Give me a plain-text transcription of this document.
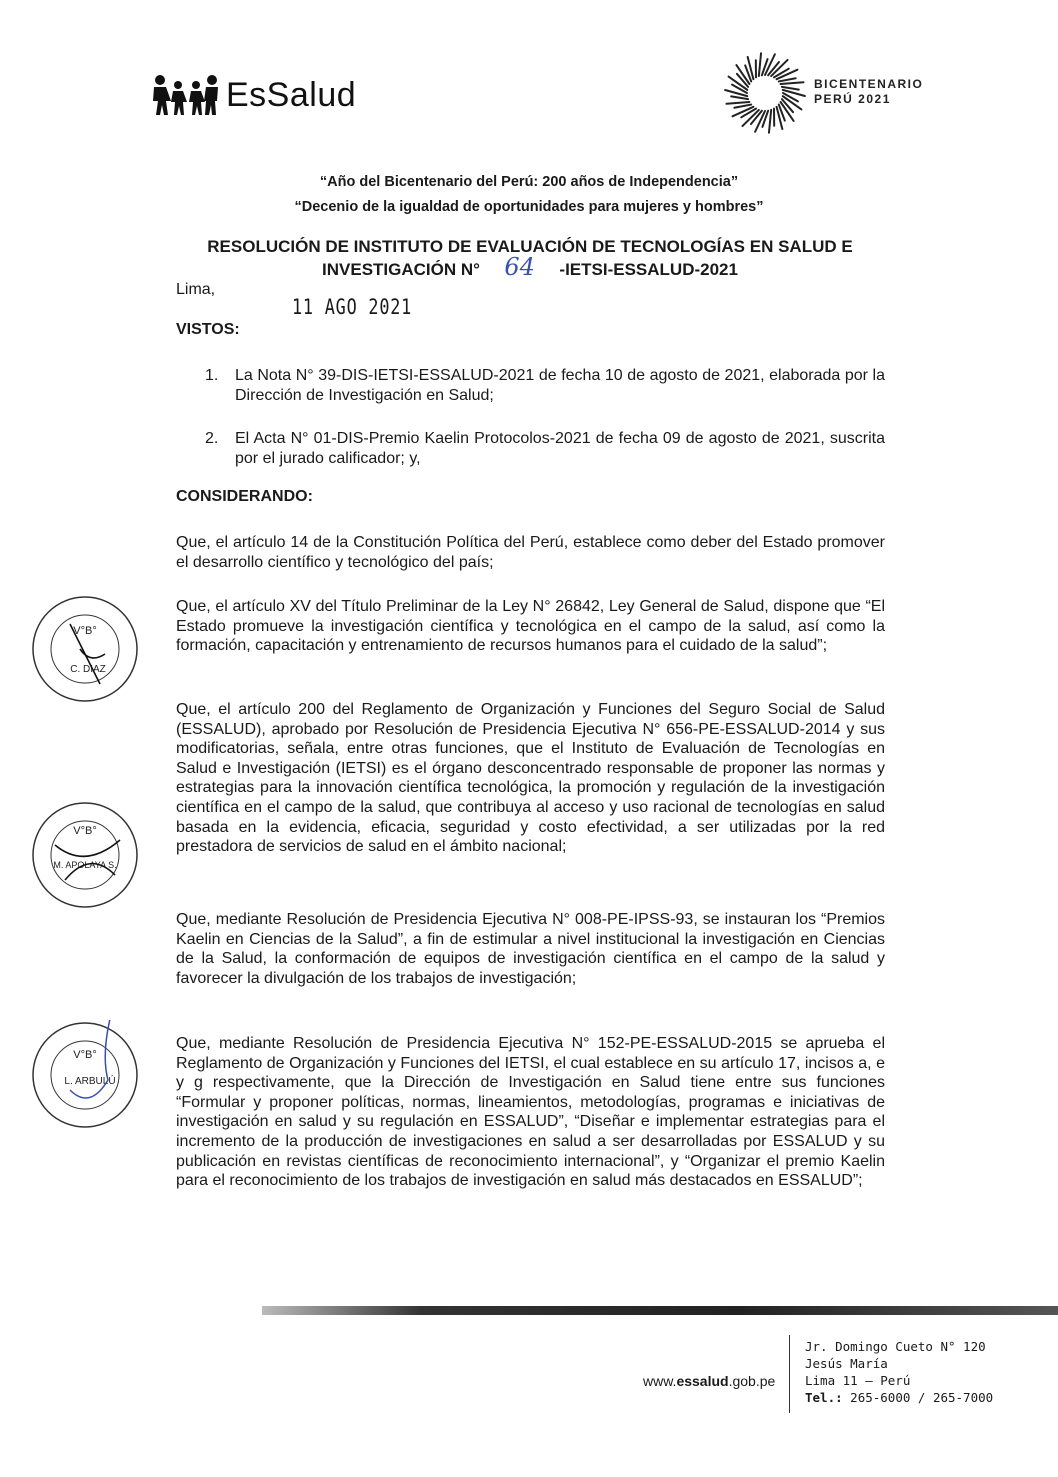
EsSalud	BICENTENARIO
PERÚ 2021
“Año del Bicentenario del Perú: 200 años de Independencia”
“Decenio de la igualdad de oportunidades para mujeres y hombres”
RESOLUCIÓN DE INSTITUTO DE EVALUACIÓN DE TECNOLOGÍAS EN SALUD E
INVESTIGACIÓN N° 64 -IETSI-ESSALUD-2021
Lima,
11 AGO 2021
VISTOS:
1.	La Nota N° 39-DIS-IETSI-ESSALUD-2021 de fecha 10 de agosto de 2021, elaborada por la Dirección de Investigación en Salud;
2.	El Acta N° 01-DIS-Premio Kaelin Protocolos-2021 de fecha 09 de agosto de 2021, suscrita por el jurado calificador; y,
CONSIDERANDO:
Que, el artículo 14 de la Constitución Política del Perú, establece como deber del Estado promover el desarrollo científico y tecnológico del país;
Que, el artículo XV del Título Preliminar de la Ley N° 26842, Ley General de Salud, dispone que “El Estado promueve la investigación científica y tecnológica en el campo de la salud, así como la formación, capacitación y entrenamiento de recursos humanos para el cuidado de la salud”;
Que, el artículo 200 del Reglamento de Organización y Funciones del Seguro Social de Salud (ESSALUD), aprobado por Resolución de Presidencia Ejecutiva N° 656-PE-ESSALUD-2014 y sus modificatorias, señala, entre otras funciones, que el Instituto de Evaluación de Tecnologías en Salud e Investigación (IETSI) es el órgano desconcentrado responsable de proponer las normas y estrategias para la innovación científica tecnológica, la promoción y regulación de la investigación científica en el campo de la salud, que contribuya al acceso y uso racional de tecnologías en salud basada en la evidencia, eficacia, seguridad y costo efectividad, a ser utilizadas por la red prestadora de servicios de salud en el ámbito nacional;
Que, mediante Resolución de Presidencia Ejecutiva N° 008-PE-IPSS-93, se instauran los “Premios Kaelin en Ciencias de la Salud”, a fin de estimular a nivel institucional la investigación en Ciencias de la Salud, la conformación de equipos de investigación científica en el campo de la salud y favorecer la divulgación de los trabajos de investigación;
Que, mediante Resolución de Presidencia Ejecutiva N° 152-PE-ESSALUD-2015 se aprueba el Reglamento de Organización y Funciones del IETSI, el cual establece en su artículo 17, incisos a, e y g respectivamente, que la Dirección de Investigación en Salud tiene entre sus funciones “Formular y proponer políticas, normas, lineamientos, metodologías, programas e iniciativas de investigación en salud y su regulación en ESSALUD”, “Diseñar e implementar estrategias para el incremento de la producción de investigaciones en salud a ser desarrolladas por ESSALUD y su publicación en revistas científicas de reconocimiento internacional”, y “Organizar el premio Kaelin para el reconocimiento de los trabajos de investigación en salud más destacados en ESSALUD”;
V°B°
C. DIAZ
V°B°
M. APOLAYA S.
V°B°
L. ARBULÚ
www.essalud.gob.pe
Jr. Domingo Cueto N° 120
Jesús María
Lima 11 – Perú
Tel.: 265-6000 / 265-7000
